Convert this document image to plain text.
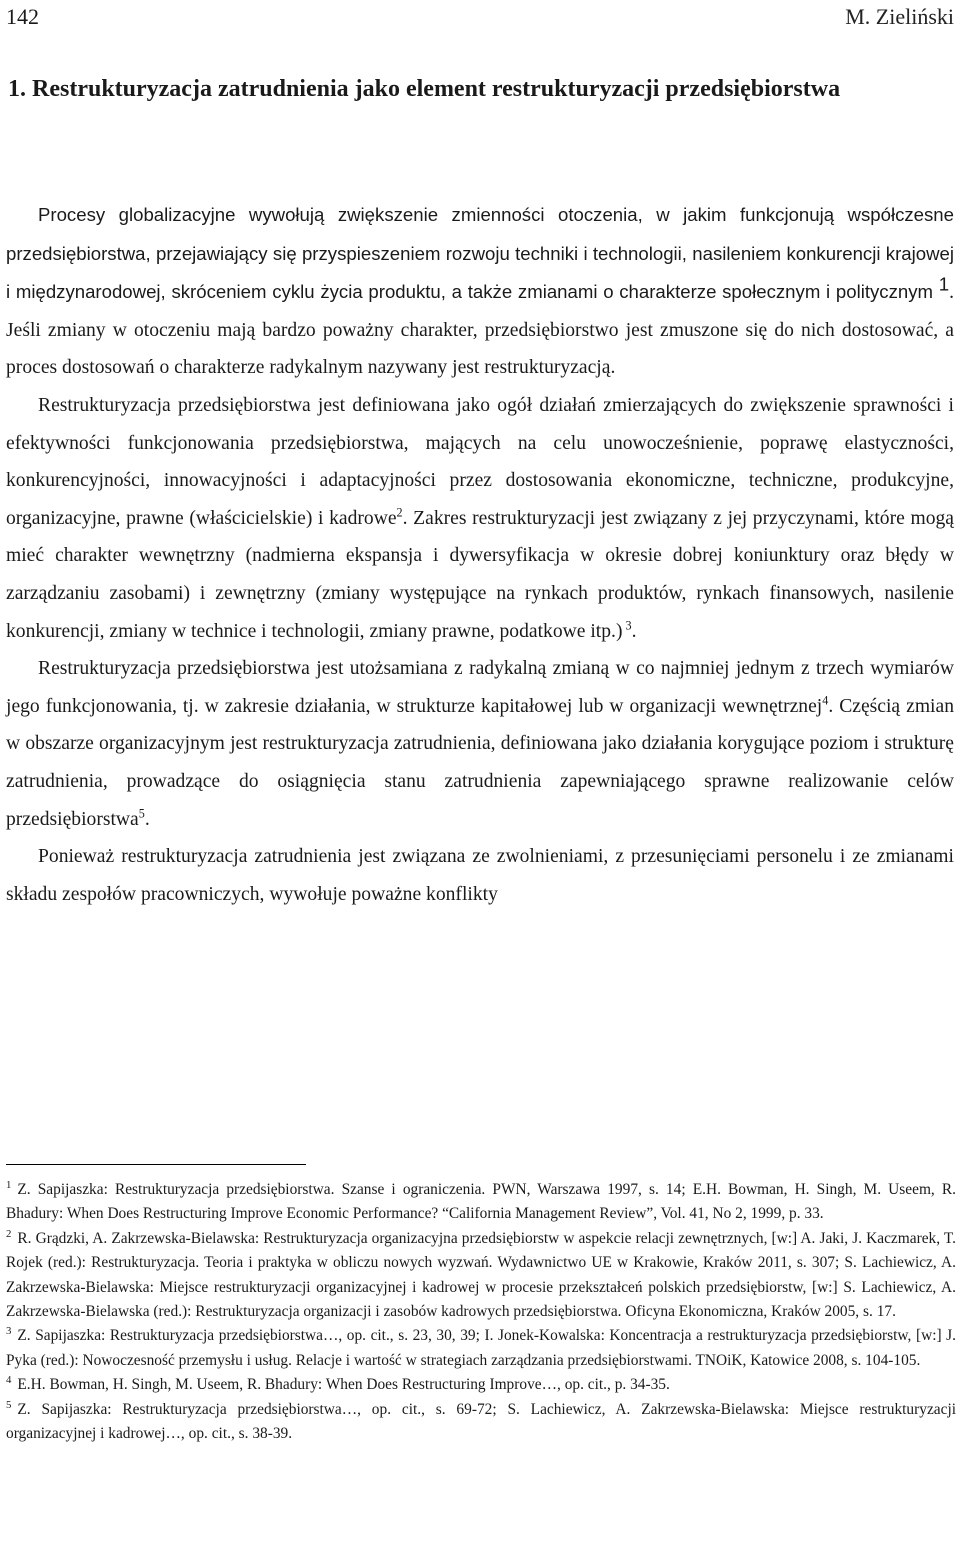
142	M. Zieliński
1. Restrukturyzacja zatrudnienia jako element restrukturyzacji przedsiębiorstwa

Procesy globalizacyjne wywołują zwiększenie zmienności otoczenia, w jakim funkcjonują współczesne przedsiębiorstwa, przejawiający się przyspieszeniem rozwoju techniki i technologii, nasileniem konkurencji krajowej i międzynarodowej, skróceniem cyklu życia produktu, a także zmianami o charakterze społecznym i politycznym $^1$. Jeśli zmiany w otoczeniu mają bardzo poważny charakter, przedsiębiorstwo jest zmuszone się do nich dostosować, a proces dostosowań o charakterze radykalnym nazywany jest restrukturyzacją.

Restrukturyzacja przedsiębiorstwa jest definiowana jako ogół działań zmierzających do zwiększenie sprawności i efektywności funkcjonowania przedsiębiorstwa, mających na celu unowocześnienie, poprawę elastyczności, konkurencyjności, innowacyjności i adaptacyjności przez dostosowania ekonomiczne, techniczne, produkcyjne, organizacyjne, prawne (właścicielskie) i kadrowe$^2$. Zakres restrukturyzacji jest związany z jej przyczynami, które mogą mieć charakter wewnętrzny (nadmierna ekspansja i dywersyfikacja w okresie dobrej koniunktury oraz błędy w zarządzaniu zasobami) i zewnętrzny (zmiany występujące na rynkach produktów, rynkach finansowych, nasilenie konkurencji, zmiany w technice i technologii, zmiany prawne, podatkowe itp.) $^3$.

Restrukturyzacja przedsiębiorstwa jest utożsamiana z radykalną zmianą w co najmniej jednym z trzech wymiarów jego funkcjonowania, tj. w zakresie działania, w strukturze kapitałowej lub w organizacji wewnętrznej$^4$. Częścią zmian w obszarze organizacyjnym jest restrukturyzacja zatrudnienia, definiowana jako działania korygujące poziom i strukturę zatrudnienia, prowadzące do osiągnięcia stanu zatrudnienia zapewniającego sprawne realizowanie celów przedsiębiorstwa$^5$.

Ponieważ restrukturyzacja zatrudnienia jest związana ze zwolnieniami, z przesunięciami personelu i ze zmianami składu zespołów pracowniczych, wywołuje poważne konflikty

$^1$ Z. Sapijaszka: Restrukturyzacja przedsiębiorstwa. Szanse i ograniczenia. PWN, Warszawa 1997, s. 14; E.H. Bowman, H. Singh, M. Useem, R. Bhadury: When Does Restructuring Improve Economic Performance? “California Management Review”, Vol. 41, No 2, 1999, p. 33.

$^2$ R. Grądzki, A. Zakrzewska-Bielawska: Restrukturyzacja organizacyjna przedsiębiorstw w aspekcie relacji zewnętrznych, [w:] A. Jaki, J. Kaczmarek, T. Rojek (red.): Restrukturyzacja. Teoria i praktyka w obliczu nowych wyzwań. Wydawnictwo UE w Krakowie, Kraków 2011, s. 307; S. Lachiewicz, A. Zakrzewska-Bielawska: Miejsce restrukturyzacji organizacyjnej i kadrowej w procesie przekształceń polskich przedsiębiorstw, [w:] S. Lachiewicz, A. Zakrzewska-Bielawska (red.): Restrukturyzacja organizacji i zasobów kadrowych przedsiębiorstwa. Oficyna Ekonomiczna, Kraków 2005, s. 17.

$^3$ Z. Sapijaszka: Restrukturyzacja przedsiębiorstwa…, op. cit., s. 23, 30, 39; I. Jonek-Kowalska: Koncentracja a restrukturyzacja przedsiębiorstw, [w:] J. Pyka (red.): Nowoczesność przemysłu i usług. Relacje i wartość w strategiach zarządzania przedsiębiorstwami. TNOiK, Katowice 2008, s. 104-105.

$^4$ E.H. Bowman, H. Singh, M. Useem, R. Bhadury: When Does Restructuring Improve…, op. cit., p. 34-35.

$^5$ Z. Sapijaszka: Restrukturyzacja przedsiębiorstwa…, op. cit., s. 69-72; S. Lachiewicz, A. Zakrzewska-Bielawska: Miejsce restrukturyzacji organizacyjnej i kadrowej…, op. cit., s. 38-39.
